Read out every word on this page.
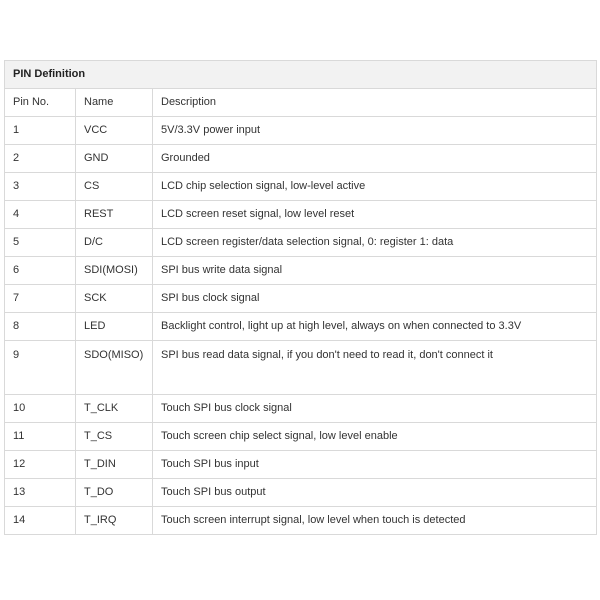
PIN Definition		
Pin No.	Name	Description
1	VCC	5V/3.3V power input
2	GND	Grounded
3	CS	LCD chip selection signal, low-level active
4	REST	LCD screen reset signal, low level reset
5	D/C	LCD screen register/data selection signal, 0: register 1: data
6	SDI(MOSI)	SPI bus write data signal
7	SCK	SPI bus clock signal
8	LED	Backlight control, light up at high level, always on when connected to 3.3V
9	SDO(MISO)	SPI bus read data signal, if you don't need to read it, don't connect it
10	T_CLK	Touch SPI bus clock signal
11	T_CS	Touch screen chip select signal, low level enable
12	T_DIN	Touch SPI bus input
13	T_DO	Touch SPI bus output
14	T_IRQ	Touch screen interrupt signal, low level when touch is detected
